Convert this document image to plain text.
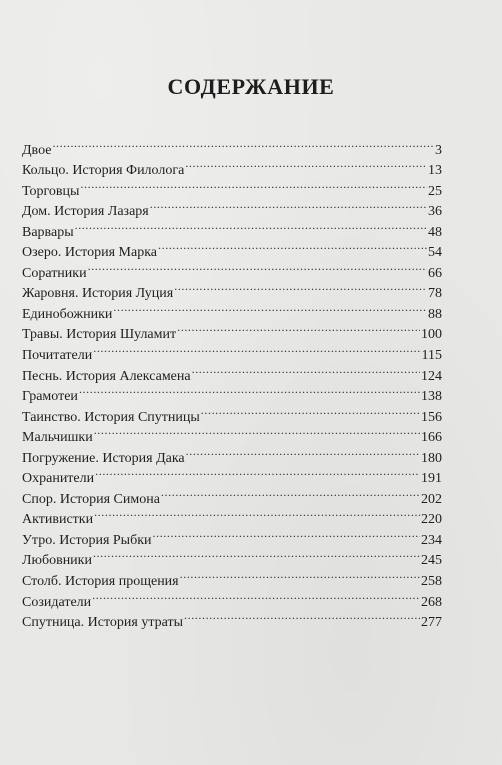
СОДЕРЖАНИЕ
Двое .....	3
Кольцо. История Филолога .....	13
Торговцы .....	25
Дом. История Лазаря .....	36
Варвары .....	48
Озеро. История Марка .....	54
Соратники .....	66
Жаровня. История Луция .....	78
Единобожники .....	88
Травы. История Шуламит .....	100
Почитатели .....	115
Песнь. История Алексамена .....	124
Грамотеи .....	138
Таинство. История Спутницы .....	156
Мальчишки .....	166
Погружение. История Дака .....	180
Охранители .....	191
Спор. История Симона .....	202
Активистки .....	220
Утро. История Рыбки .....	234
Любовники .....	245
Столб. История прощения .....	258
Созидатели .....	268
Спутница. История утраты .....	277
